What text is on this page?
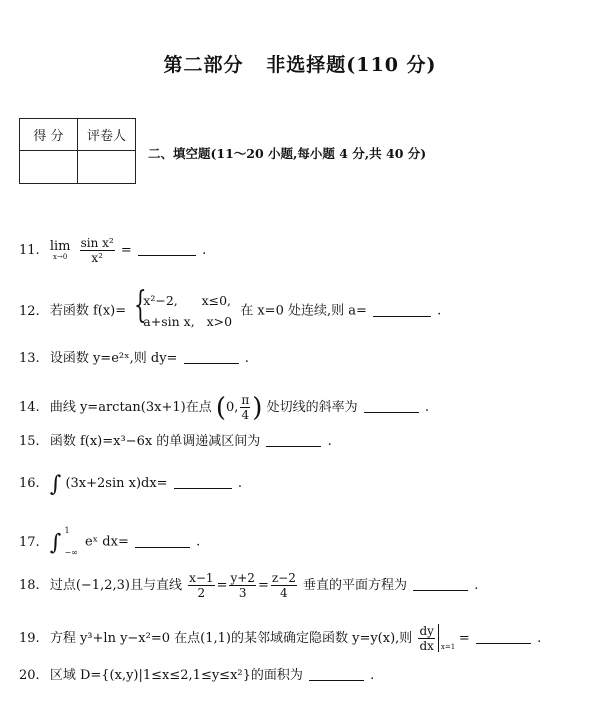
第二部分   非选择题(110 分)
得 分	评卷人

二、填空题(11～20 小题,每小题 4 分,共 40 分)
11. lim
x→0
$\frac{\text{sin x²}}{\text{x²}}$ =	.
12. 若函数 f(x)= {
x²−2,      x≤0,
a+sin x,   x>0
在 x=0 处连续,则 a=	.
13. 设函数 y=e²ˣ,则 dy=	.
14. 曲线 y=arctan(3x+1)在点 (0, $\frac{\pi}{4}$ ) 处切线的斜率为	.
15. 函数 f(x)=x³−6x 的单调递减区间为	.
16. ∫ (3x+2sin x)dx=	.
17. ∫ 1
−∞
eˣ dx=	.
18. 过点(−1,2,3)且与直线 $\frac{x-1}{2} = \frac{y+2}{3} = \frac{z-2}{4}$ 垂直的平面方程为	.
19. 方程 y³+ln y−x²=0 在点(1,1)的某邻域确定隐函数 y=y(x),则 $\frac{dy}{dx} x=1$
=	.
20. 区域 D={(x,y)|1≤x≤2,1≤y≤x²}的面积为	.
